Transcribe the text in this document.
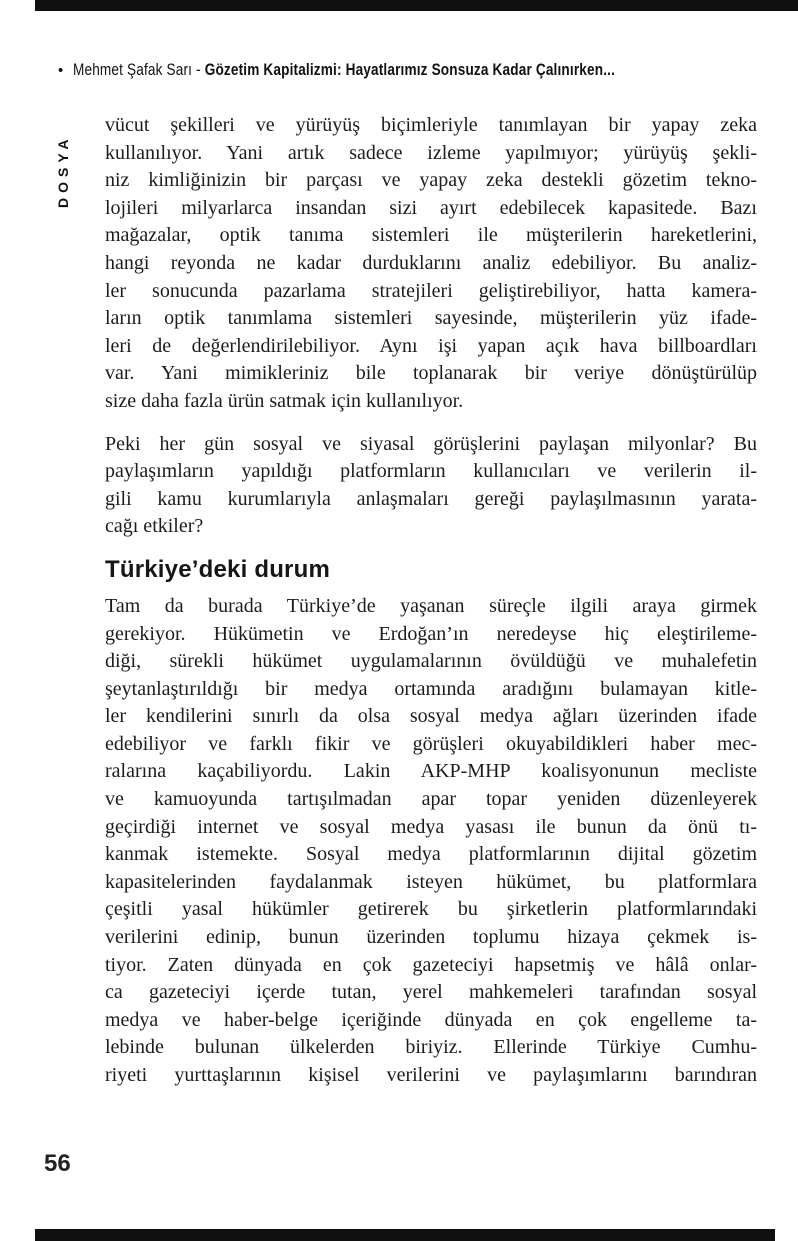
• Mehmet Şafak Sarı - Gözetim Kapitalizmi: Hayatlarımız Sonsuza Kadar Çalınırken...
DOSYA
vücut şekilleri ve yürüyüş biçimleriyle tanımlayan bir yapay zeka
kullanılıyor. Yani artık sadece izleme yapılmıyor; yürüyüş şekli-
niz kimliğinizin bir parçası ve yapay zeka destekli gözetim tekno-
lojileri milyarlarca insandan sizi ayırt edebilecek kapasitede. Bazı
mağazalar, optik tanıma sistemleri ile müşterilerin hareketlerini,
hangi reyonda ne kadar durduklarını analiz edebiliyor. Bu analiz-
ler sonucunda pazarlama stratejileri geliştirebiliyor, hatta kamera-
ların optik tanımlama sistemleri sayesinde, müşterilerin yüz ifade-
leri de değerlendirilebiliyor. Aynı işi yapan açık hava billboardları
var. Yani mimikleriniz bile toplanarak bir veriye dönüştürülüp
size daha fazla ürün satmak için kullanılıyor.
Peki her gün sosyal ve siyasal görüşlerini paylaşan milyonlar? Bu
paylaşımların yapıldığı platformların kullanıcıları ve verilerin il-
gili kamu kurumlarıyla anlaşmaları gereği paylaşılmasının yarata-
cağı etkiler?
Türkiye’deki durum
Tam da burada Türkiye’de yaşanan süreçle ilgili araya girmek
gerekiyor. Hükümetin ve Erdoğan’ın neredeyse hiç eleştirileme-
diği, sürekli hükümet uygulamalarının övüldüğü ve muhalefetin
şeytanlaştırıldığı bir medya ortamında aradığını bulamayan kitle-
ler kendilerini sınırlı da olsa sosyal medya ağları üzerinden ifade
edebiliyor ve farklı fikir ve görüşleri okuyabildikleri haber mec-
ralarına kaçabiliyordu. Lakin AKP-MHP koalisyonunun mecliste
ve kamuoyunda tartışılmadan apar topar yeniden düzenleyerek
geçirdiği internet ve sosyal medya yasası ile bunun da önü tı-
kanmak istemekte. Sosyal medya platformlarının dijital gözetim
kapasitelerinden faydalanmak isteyen hükümet, bu platformlara
çeşitli yasal hükümler getirerek bu şirketlerin platformlarındaki
verilerini edinip, bunun üzerinden toplumu hizaya çekmek is-
tiyor. Zaten dünyada en çok gazeteciyi hapsetmiş ve hâlâ onlar-
ca gazeteciyi içerde tutan, yerel mahkemeleri tarafından sosyal
medya ve haber-belge içeriğinde dünyada en çok engelleme ta-
lebinde bulunan ülkelerden biriyiz. Ellerinde Türkiye Cumhu-
riyeti yurttaşlarının kişisel verilerini ve paylaşımlarını barındıran
56
